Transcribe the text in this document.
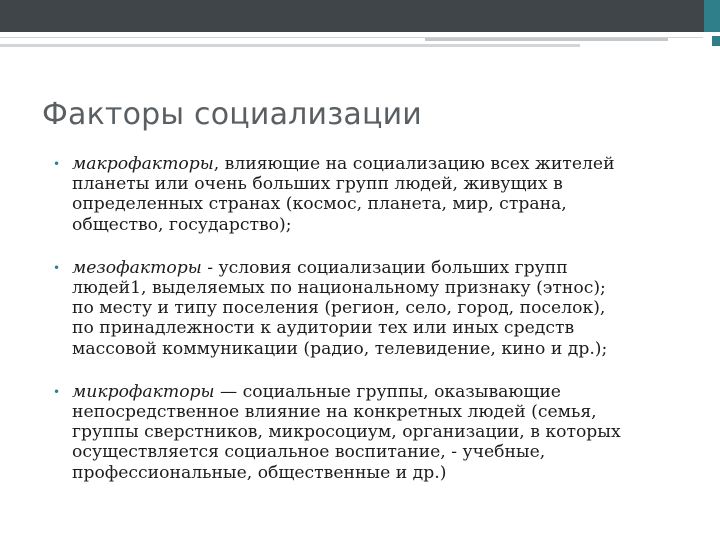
Факторы социализации
• макрофакторы, влияющие на социализацию всех жителей
планеты или очень больших групп людей, живущих в
определенных странах (космос, планета, мир, страна,
общество, государство);
• мезофакторы - условия социализации больших групп
людей1, выделяемых по национальному признаку (этнос);
по месту и типу поселения (регион, село, город, поселок),
по принадлежности к аудитории тех или иных средств
массовой коммуникации (радио, телевидение, кино и др.);
• микрофакторы — социальные группы, оказывающие
непосредственное влияние на конкретных людей (семья,
группы сверстников, микросоциум, организации, в которых
осуществляется социальное воспитание, - учебные,
профессиональные, общественные и др.)
